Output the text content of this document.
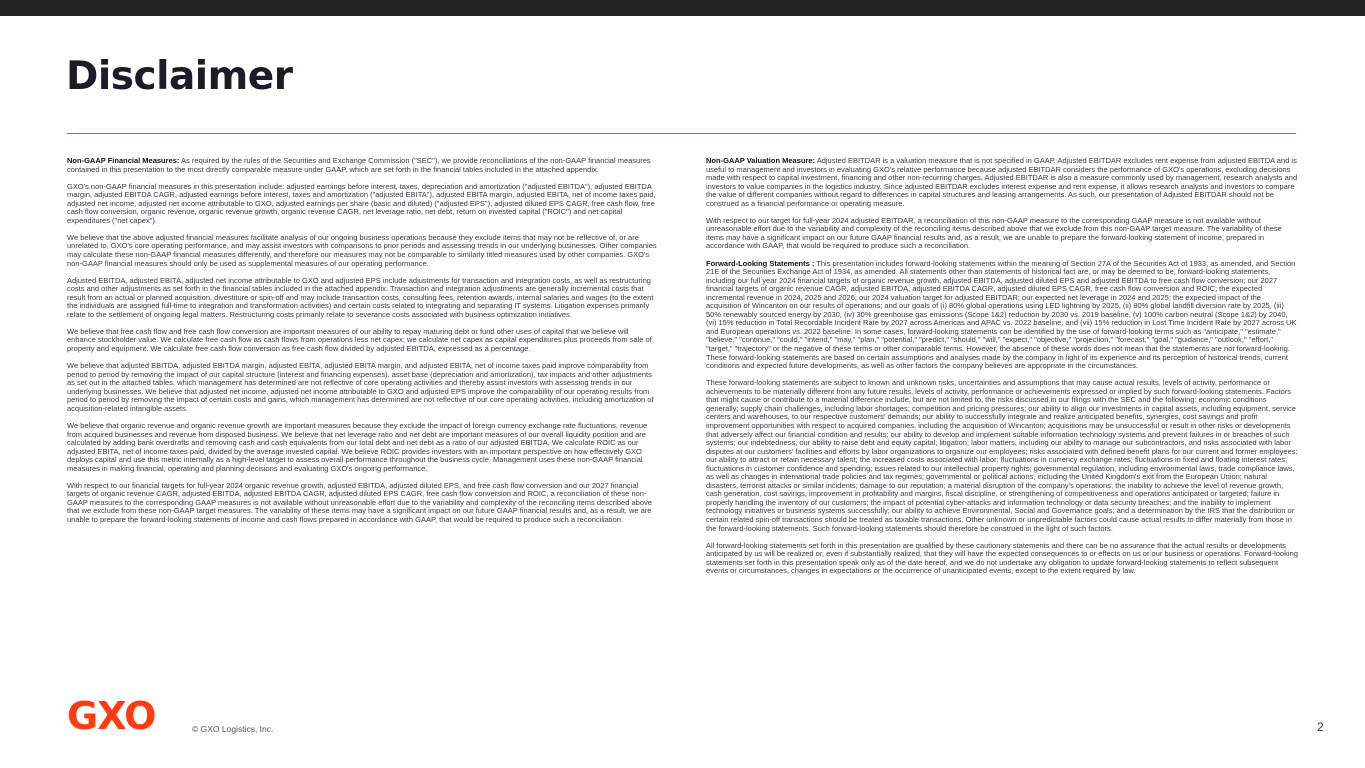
Disclaimer

Non-GAAP Financial Measures: As required by the rules of the Securities and Exchange Commission ("SEC"), we provide reconciliations of the non-GAAP financial measures contained in this presentation to the most directly comparable measure under GAAP, which are set forth in the financial tables included in the attached appendix.

GXO's non-GAAP financial measures in this presentation include: adjusted earnings before interest, taxes, depreciation and amortization ("adjusted EBITDA"), adjusted EBITDA margin, adjusted EBITDA CAGR, adjusted earnings before interest, taxes and amortization ("adjusted EBITA"), adjusted EBITA margin, adjusted EBITA, net of income taxes paid, adjusted net income, adjusted net income attributable to GXO, adjusted earnings per share (basic and diluted) ("adjusted EPS"), adjusted diluted EPS CAGR, free cash flow, free cash flow conversion, organic revenue, organic revenue growth, organic revenue CAGR, net leverage ratio, net debt, return on invested capital ("ROIC") and net capital expenditures ("net capex").

We believe that the above adjusted financial measures facilitate analysis of our ongoing business operations because they exclude items that may not be reflective of, or are unrelated to, GXO's core operating performance, and may assist investors with comparisons to prior periods and assessing trends in our underlying businesses. Other companies may calculate these non-GAAP financial measures differently, and therefore our measures may not be comparable to similarly titled measures used by other companies. GXO's non-GAAP financial measures should only be used as supplemental measures of our operating performance.

Adjusted EBITDA, adjusted EBITA, adjusted net income attributable to GXO and adjusted EPS include adjustments for transaction and integration costs, as well as restructuring costs and other adjustments as set forth in the financial tables included in the attached appendix. Transaction and integration adjustments are generally incremental costs that result from an actual or planned acquisition, divestiture or spin-off and may include transaction costs, consulting fees, retention awards, internal salaries and wages (to the extent the individuals are assigned full-time to integration and transformation activities) and certain costs related to integrating and separating IT systems. Litigation expenses primarily relate to the settlement of ongoing legal matters. Restructuring costs primarily relate to severance costs associated with business optimization initiatives.

We believe that free cash flow and free cash flow conversion are important measures of our ability to repay maturing debt or fund other uses of capital that we believe will enhance stockholder value. We calculate free cash flow as cash flows from operations less net capex; we calculate net capex as capital expenditures plus proceeds from sale of property and equipment. We calculate free cash flow conversion as free cash flow divided by adjusted EBITDA, expressed as a percentage.

We believe that adjusted EBITDA, adjusted EBITDA margin, adjusted EBITA, adjusted EBITA margin, and adjusted EBITA, net of income taxes paid improve comparability from period to period by removing the impact of our capital structure (interest and financing expenses), asset base (depreciation and amortization), tax impacts and other adjustments as set out in the attached tables, which management has determined are not reflective of core operating activities and thereby assist investors with assessing trends in our underlying businesses. We believe that adjusted net income, adjusted net income attributable to GXO and adjusted EPS improve the comparability of our operating results from period to period by removing the impact of certain costs and gains, which management has determined are not reflective of our core operating activities, including amortization of acquisition-related intangible assets.

We believe that organic revenue and organic revenue growth are important measures because they exclude the impact of foreign currency exchange rate fluctuations, revenue from acquired businesses and revenue from disposed business. We believe that net leverage ratio and net debt are important measures of our overall liquidity position and are calculated by adding bank overdrafts and removing cash and cash equivalents from our total debt and net debt as a ratio of our adjusted EBITDA. We calculate ROIC as our adjusted EBITA, net of income taxes paid, divided by the average invested capital. We believe ROIC provides investors with an important perspective on how effectively GXO deploys capital and use this metric internally as a high-level target to assess overall performance throughout the business cycle. Management uses these non-GAAP financial measures in making financial, operating and planning decisions and evaluating GXO's ongoing performance.

With respect to our financial targets for full-year 2024 organic revenue growth, adjusted EBITDA, adjusted diluted EPS, and free cash flow conversion and our 2027 financial targets of organic revenue CAGR, adjusted EBITDA, adjusted EBITDA CAGR, adjusted diluted EPS CAGR, free cash flow conversion and ROIC, a reconciliation of these non-GAAP measures to the corresponding GAAP measures is not available without unreasonable effort due to the variability and complexity of the reconciling items described above that we exclude from these non-GAAP target measures. The variability of these items may have a significant impact on our future GAAP financial results and, as a result, we are unable to prepare the forward-looking statements of income and cash flows prepared in accordance with GAAP, that would be required to produce such a reconciliation.

Non-GAAP Valuation Measure: Adjusted EBITDAR is a valuation measure that is not specified in GAAP. Adjusted EBITDAR excludes rent expense from adjusted EBITDA and is useful to management and investors in evaluating GXO's relative performance because adjusted EBITDAR considers the performance of GXO's operations, excluding decisions made with respect to capital investment, financing and other non-recurring charges. Adjusted EBITDAR is also a measure commonly used by management, research analysts and investors to value companies in the logistics industry. Since adjusted EBITDAR excludes interest expense and rent expense, it allows research analysts and investors to compare the value of different companies without regard to differences in capital structures and leasing arrangements. As such, our presentation of Adjusted EBITDAR should not be construed as a financial performance or operating measure.

With respect to our target for full-year 2024 adjusted EBITDAR, a reconciliation of this non-GAAP measure to the corresponding GAAP measure is not available without unreasonable effort due to the variability and complexity of the reconciling items described above that we exclude from this non-GAAP target measure. The variability of these items may have a significant impact on our future GAAP financial results and, as a result, we are unable to prepare the forward-looking statement of income, prepared in accordance with GAAP, that would be required to produce such a reconciliation.

Forward-Looking Statements : This presentation includes forward-looking statements within the meaning of Section 27A of the Securities Act of 1933, as amended, and Section 21E of the Securities Exchange Act of 1934, as amended. All statements other than statements of historical fact are, or may be deemed to be, forward-looking statements, including our full year 2024 financial targets of organic revenue growth, adjusted EBITDA, adjusted diluted EPS and adjusted EBITDA to free cash flow conversion; our 2027 financial targets of organic revenue CAGR, adjusted EBITDA, adjusted EBITDA CAGR, adjusted diluted EPS CAGR, free cash flow conversion and ROIC; the expected incremental revenue in 2024, 2025 and 2026; our 2024 valuation target for adjusted EBITDAR; our expected net leverage in 2024 and 2025; the expected impact of the acquisition of Wincanton on our results of operations; and our goals of (i) 80% global operations using LED lightning by 2025, (ii) 80% global landfill diversion rate by 2025, (iii) 50% renewably sourced energy by 2030, (iv) 30% greenhouse gas emissions (Scope 1&2) reduction by 2030 vs. 2019 baseline, (v) 100% carbon neutral (Scope 1&2) by 2040, (vi) 15% reduction in Total Recordable Incident Rate by 2027 across Americas and APAC vs. 2022 baseline, and (vii) 15% reduction in Lost Time Incident Rate by 2027 across UK and European operations vs. 2022 baseline. In some cases, forward-looking statements can be identified by the use of forward-looking terms such as "anticipate," "estimate," "believe," "continue," "could," "intend," "may," "plan," "potential," "predict," "should," "will," "expect," "objective," "projection," "forecast," "goal," "guidance," "outlook," "effort," "target," "trajectory" or the negative of these terms or other comparable terms. However, the absence of these words does not mean that the statements are not forward-looking. These forward-looking statements are based on certain assumptions and analyses made by the company in light of its experience and its perception of historical trends, current conditions and expected future developments, as well as other factors the company believes are appropriate in the circumstances.

These forward-looking statements are subject to known and unknown risks, uncertainties and assumptions that may cause actual results, levels of activity, performance or achievements to be materially different from any future results, levels of activity, performance or achievements expressed or implied by such forward-looking statements. Factors that might cause or contribute to a material difference include, but are not limited to, the risks discussed in our filings with the SEC and the following: economic conditions generally; supply chain challenges, including labor shortages; competition and pricing pressures; our ability to align our investments in capital assets, including equipment, service centers and warehouses, to our respective customers' demands; our ability to successfully integrate and realize anticipated benefits, synergies, cost savings and profit improvement opportunities with respect to acquired companies, including the acquisition of Wincanton; acquisitions may be unsuccessful or result in other risks or developments that adversely affect our financial condition and results; our ability to develop and implement suitable information technology systems and prevent failures in or breaches of such systems; our indebtedness; our ability to raise debt and equity capital; litigation; labor matters, including our ability to manage our subcontractors, and risks associated with labor disputes at our customers' facilities and efforts by labor organizations to organize our employees; risks associated with defined benefit plans for our current and former employees; our ability to attract or retain necessary talent; the increased costs associated with labor; fluctuations in currency exchange rates; fluctuations in fixed and floating interest rates; fluctuations in customer confidence and spending; issues related to our intellectual property rights; governmental regulation, including environmental laws, trade compliance laws, as well as changes in international trade policies and tax regimes; governmental or political actions, including the United Kingdom's exit from the European Union; natural disasters, terrorist attacks or similar incidents; damage to our reputation; a material disruption of the company's operations; the inability to achieve the level of revenue growth, cash generation, cost savings, improvement in profitability and margins, fiscal discipline, or strengthening of competitiveness and operations anticipated or targeted; failure in properly handling the inventory of our customers; the impact of potential cyber-attacks and information technology or data security breaches; and the inability to implement technology initiatives or business systems successfully; our ability to achieve Environmental, Social and Governance goals; and a determination by the IRS that the distribution or certain related spin-off transactions should be treated as taxable transactions. Other unknown or unpredictable factors could cause actual results to differ materially from those in the forward-looking statements. Such forward-looking statements should therefore be construed in the light of such factors.

All forward-looking statements set forth in this presentation are qualified by these cautionary statements and there can be no assurance that the actual results or developments anticipated by us will be realized or, even if substantially realized, that they will have the expected consequences to or effects on us or our business or operations. Forward-looking statements set forth in this presentation speak only as of the date hereof, and we do not undertake any obligation to update forward-looking statements to reflect subsequent events or circumstances, changes in expectations or the occurrence of unanticipated events, except to the extent required by law.

GXO	© GXO Logistics, Inc.	2
